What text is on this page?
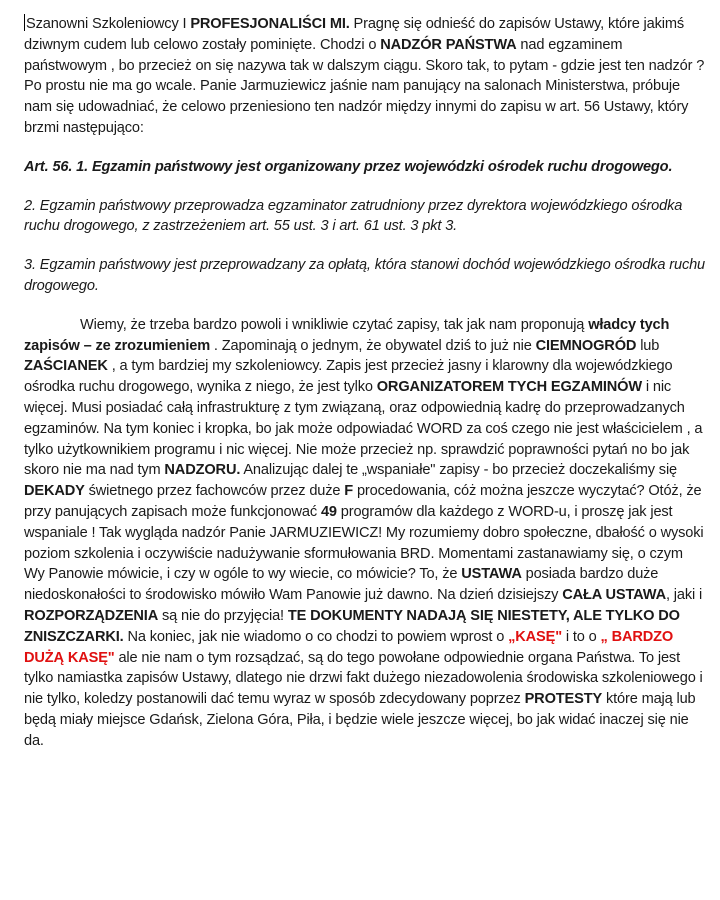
Szanowni Szkoleniowcy I PROFESJONALIŚCI MI. Pragnę się odnieść do zapisów Ustawy, które jakimś dziwnym cudem lub celowo zostały pominięte. Chodzi o NADZÓR PAŃSTWA nad egzaminem państwowym , bo przecież on się nazywa tak w dalszym ciągu. Skoro tak, to pytam - gdzie jest ten nadzór ? Po prostu nie ma go wcale. Panie Jarmuziewicz jaśnie nam panujący na salonach Ministerstwa, próbuje nam się udowadniać, że celowo przeniesiono ten nadzór między innymi do zapisu w art. 56 Ustawy, który brzmi następująco:

Art. 56. 1. Egzamin państwowy jest organizowany przez wojewódzki ośrodek ruchu drogowego.

2. Egzamin państwowy przeprowadza egzaminator zatrudniony przez dyrektora wojewódzkiego ośrodka ruchu drogowego, z zastrzeżeniem art. 55 ust. 3 i art. 61 ust. 3 pkt 3.

3. Egzamin państwowy jest przeprowadzany za opłatą, która stanowi dochód wojewódzkiego ośrodka ruchu drogowego.

Wiemy, że trzeba bardzo powoli i wnikliwie czytać zapisy, tak jak nam proponują władcy tych zapisów – ze zrozumieniem . Zapominają o jednym, że obywatel dziś to już nie CIEMNOGRÓD lub ZAŚCIANEK , a tym bardziej my szkoleniowcy. Zapis jest przecież jasny i klarowny dla wojewódzkiego ośrodka ruchu drogowego, wynika z niego, że jest tylko ORGANIZATOREM TYCH EGZAMINÓW i nic więcej. Musi posiadać całą infrastrukturę z tym związaną, oraz odpowiednią kadrę do przeprowadzanych egzaminów. Na tym koniec i kropka, bo jak może odpowiadać WORD za coś czego nie jest właścicielem , a tylko użytkownikiem programu i nic więcej. Nie może przecież np. sprawdzić poprawności pytań no bo jak skoro nie ma nad tym NADZORU. Analizując dalej te „wspaniałe" zapisy - bo przecież doczekaliśmy się DEKADY świetnego przez fachowców przez duże F procedowania, cóż można jeszcze wyczytać? Otóż, że przy panujących zapisach może funkcjonować 49 programów dla każdego z WORD-u, i proszę jak jest wspaniale ! Tak wygląda nadzór Panie JARMUZIEWICZ! My rozumiemy dobro społeczne, dbałość o wysoki poziom szkolenia i oczywiście nadużywanie sformułowania BRD. Momentami zastanawiamy się, o czym Wy Panowie mówicie, i czy w ogóle to wy wiecie, co mówicie? To, że USTAWA posiada bardzo duże niedoskonałości to środowisko mówiło Wam Panowie już dawno. Na dzień dzisiejszy CAŁA USTAWA, jaki i ROZPORZĄDZENIA są nie do przyjęcia! TE DOKUMENTY NADAJĄ SIĘ NIESTETY, ALE TYLKO DO ZNISZCZARKI. Na koniec, jak nie wiadomo o co chodzi to powiem wprost o „KASĘ" i to o „ BARDZO DUŻĄ KASĘ" ale nie nam o tym rozsądzać, są do tego powołane odpowiednie organa Państwa. To jest tylko namiastka zapisów Ustawy, dlatego nie drzwi fakt dużego niezadowolenia środowiska szkoleniowego i nie tylko, koledzy postanowili dać temu wyraz w sposób zdecydowany poprzez PROTESTY które mają lub będą miały miejsce Gdańsk, Zielona Góra, Piła, i będzie wiele jeszcze więcej, bo jak widać inaczej się nie da.
